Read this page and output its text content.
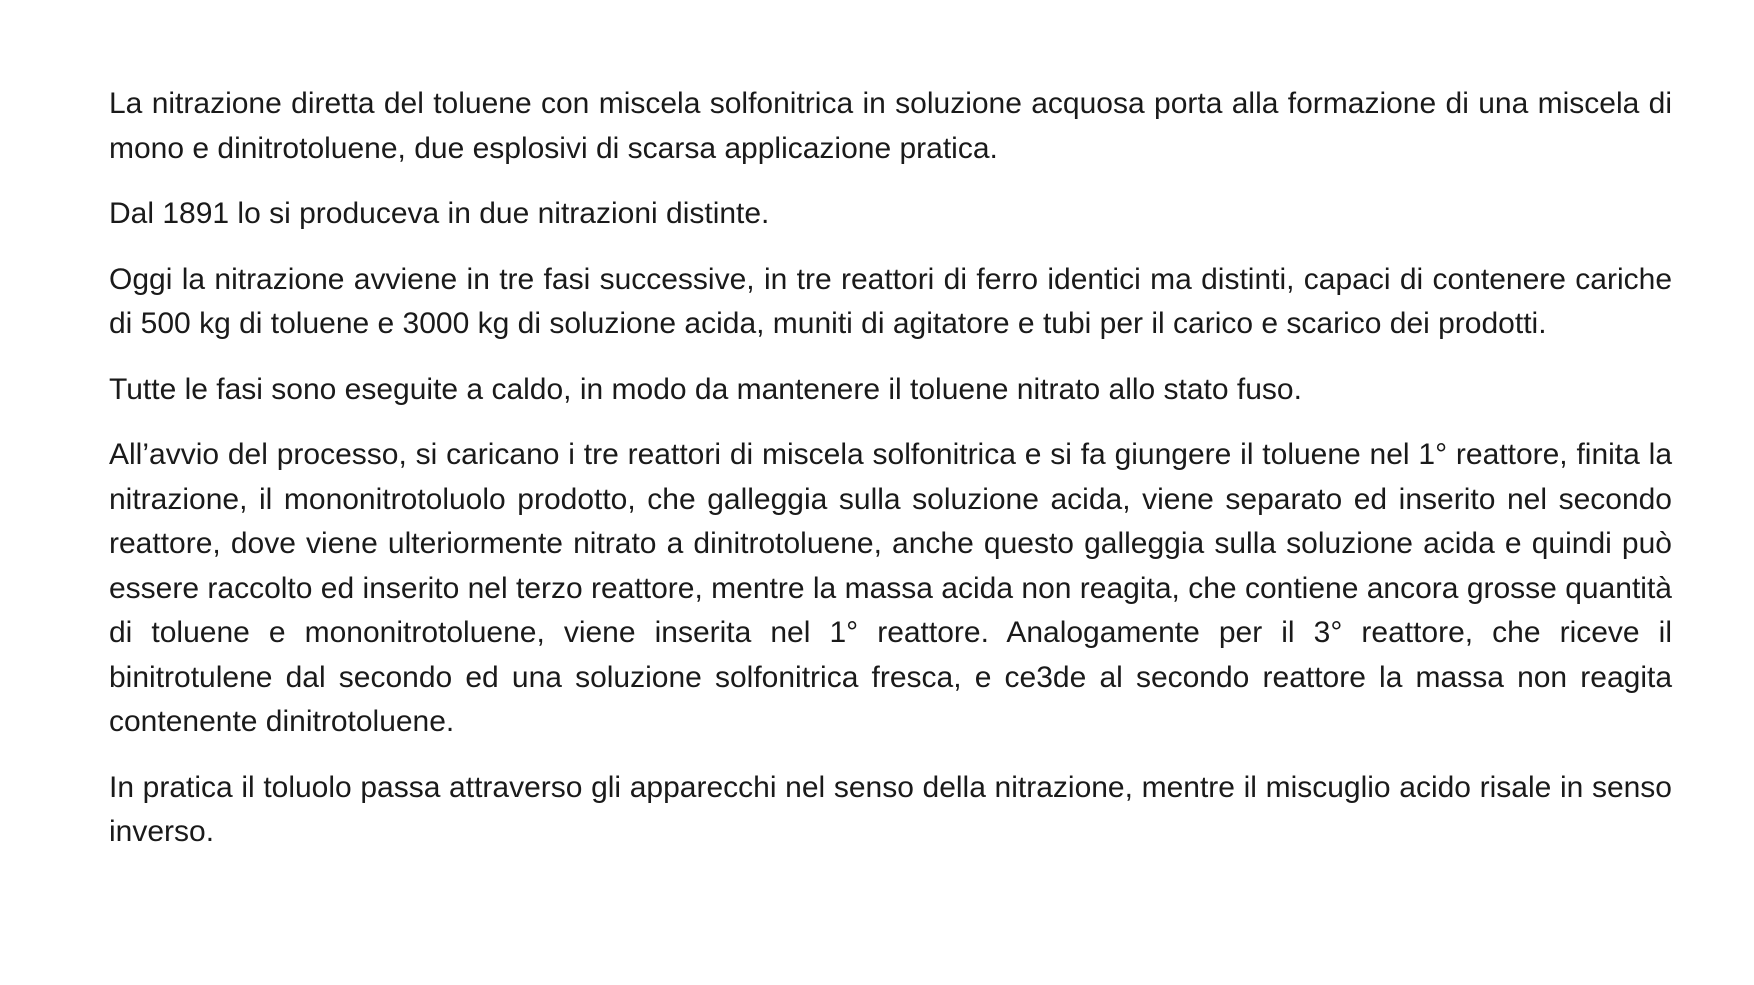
La nitrazione diretta del toluene con miscela solfonitrica in soluzione acquosa porta alla formazione di una miscela di mono e dinitrotoluene, due esplosivi di scarsa applicazione pratica.

Dal 1891 lo si produceva in due nitrazioni distinte.

Oggi la nitrazione avviene in tre fasi successive, in tre reattori di ferro identici ma distinti, capaci di contenere cariche di 500 kg di toluene e 3000 kg di soluzione acida, muniti di agitatore e tubi per il carico e scarico dei prodotti.

Tutte le fasi sono eseguite a caldo, in modo da mantenere il toluene nitrato allo stato fuso.

All’avvio del processo, si caricano i tre reattori di miscela solfonitrica e si fa giungere il toluene nel 1° reattore, finita la nitrazione, il mononitrotoluolo prodotto, che galleggia sulla soluzione acida, viene separato ed inserito nel secondo reattore, dove viene ulteriormente nitrato a dinitrotoluene, anche questo galleggia sulla soluzione acida e quindi può essere raccolto ed inserito nel terzo reattore, mentre la massa acida non reagita, che contiene ancora grosse quantità di toluene e mononitrotoluene, viene inserita nel 1° reattore. Analogamente per il 3° reattore, che riceve il binitrotulene dal secondo ed una soluzione solfonitrica fresca, e ce3de al secondo reattore la massa non reagita contenente dinitrotoluene.

In pratica il toluolo passa attraverso gli apparecchi nel senso della nitrazione, mentre il miscuglio acido risale in senso inverso.
